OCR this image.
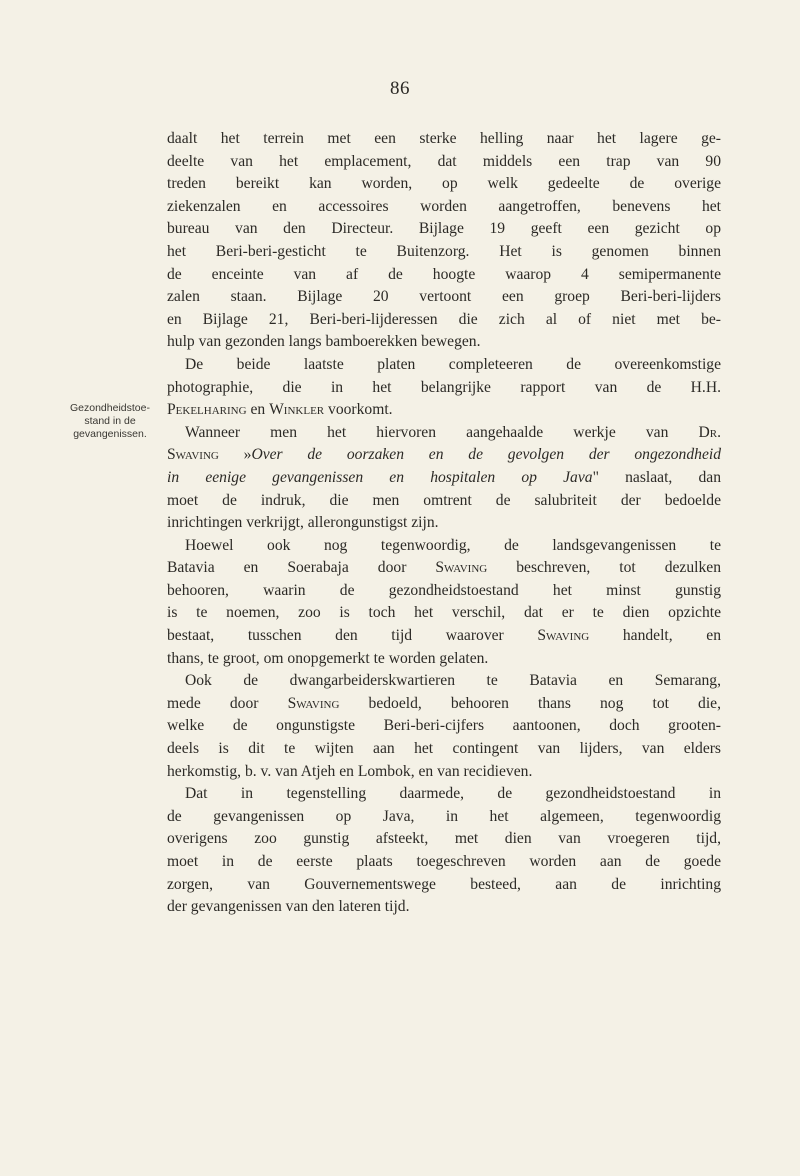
86
Gezondheidstoe-
stand in de
gevangenissen.

daalt het terrein met een sterke helling naar het lagere ge-
deelte van het emplacement, dat middels een trap van 90
treden bereikt kan worden, op welk gedeelte de overige
ziekenzalen en accessoires worden aangetroffen, benevens het
bureau van den Directeur. Bijlage 19 geeft een gezicht op
het Beri-beri-gesticht te Buitenzorg. Het is genomen binnen
de enceinte van af de hoogte waarop 4 semipermanente
zalen staan. Bijlage 20 vertoont een groep Beri-beri-lijders
en Bijlage 21, Beri-beri-lijderessen die zich al of niet met be-
hulp van gezonden langs bamboerekken bewegen.

De beide laatste platen completeeren de overeenkomstige
photographie, die in het belangrijke rapport van de H.H.
Pekelharing en Winkler voorkomt.

Wanneer men het hiervoren aangehaalde werkje van Dr.
Swaving »Over de oorzaken en de gevolgen der ongezondheid
in eenige gevangenissen en hospitalen op Java" naslaat, dan
moet de indruk, die men omtrent de salubriteit der bedoelde
inrichtingen verkrijgt, allerongunstigst zijn.

Hoewel ook nog tegenwoordig, de landsgevangenissen te
Batavia en Soerabaja door Swaving beschreven, tot dezulken
behooren, waarin de gezondheidstoestand het minst gunstig
is te noemen, zoo is toch het verschil, dat er te dien opzichte
bestaat, tusschen den tijd waarover Swaving handelt, en
thans, te groot, om onopgemerkt te worden gelaten.

Ook de dwangarbeiderskwartieren te Batavia en Semarang,
mede door Swaving bedoeld, behooren thans nog tot die,
welke de ongunstigste Beri-beri-cijfers aantoonen, doch grooten-
deels is dit te wijten aan het contingent van lijders, van elders
herkomstig, b. v. van Atjeh en Lombok, en van recidieven.

Dat in tegenstelling daarmede, de gezondheidstoestand in
de gevangenissen op Java, in het algemeen, tegenwoordig
overigens zoo gunstig afsteekt, met dien van vroegeren tijd,
moet in de eerste plaats toegeschreven worden aan de goede
zorgen, van Gouvernementswege besteed, aan de inrichting
der gevangenissen van den lateren tijd.
